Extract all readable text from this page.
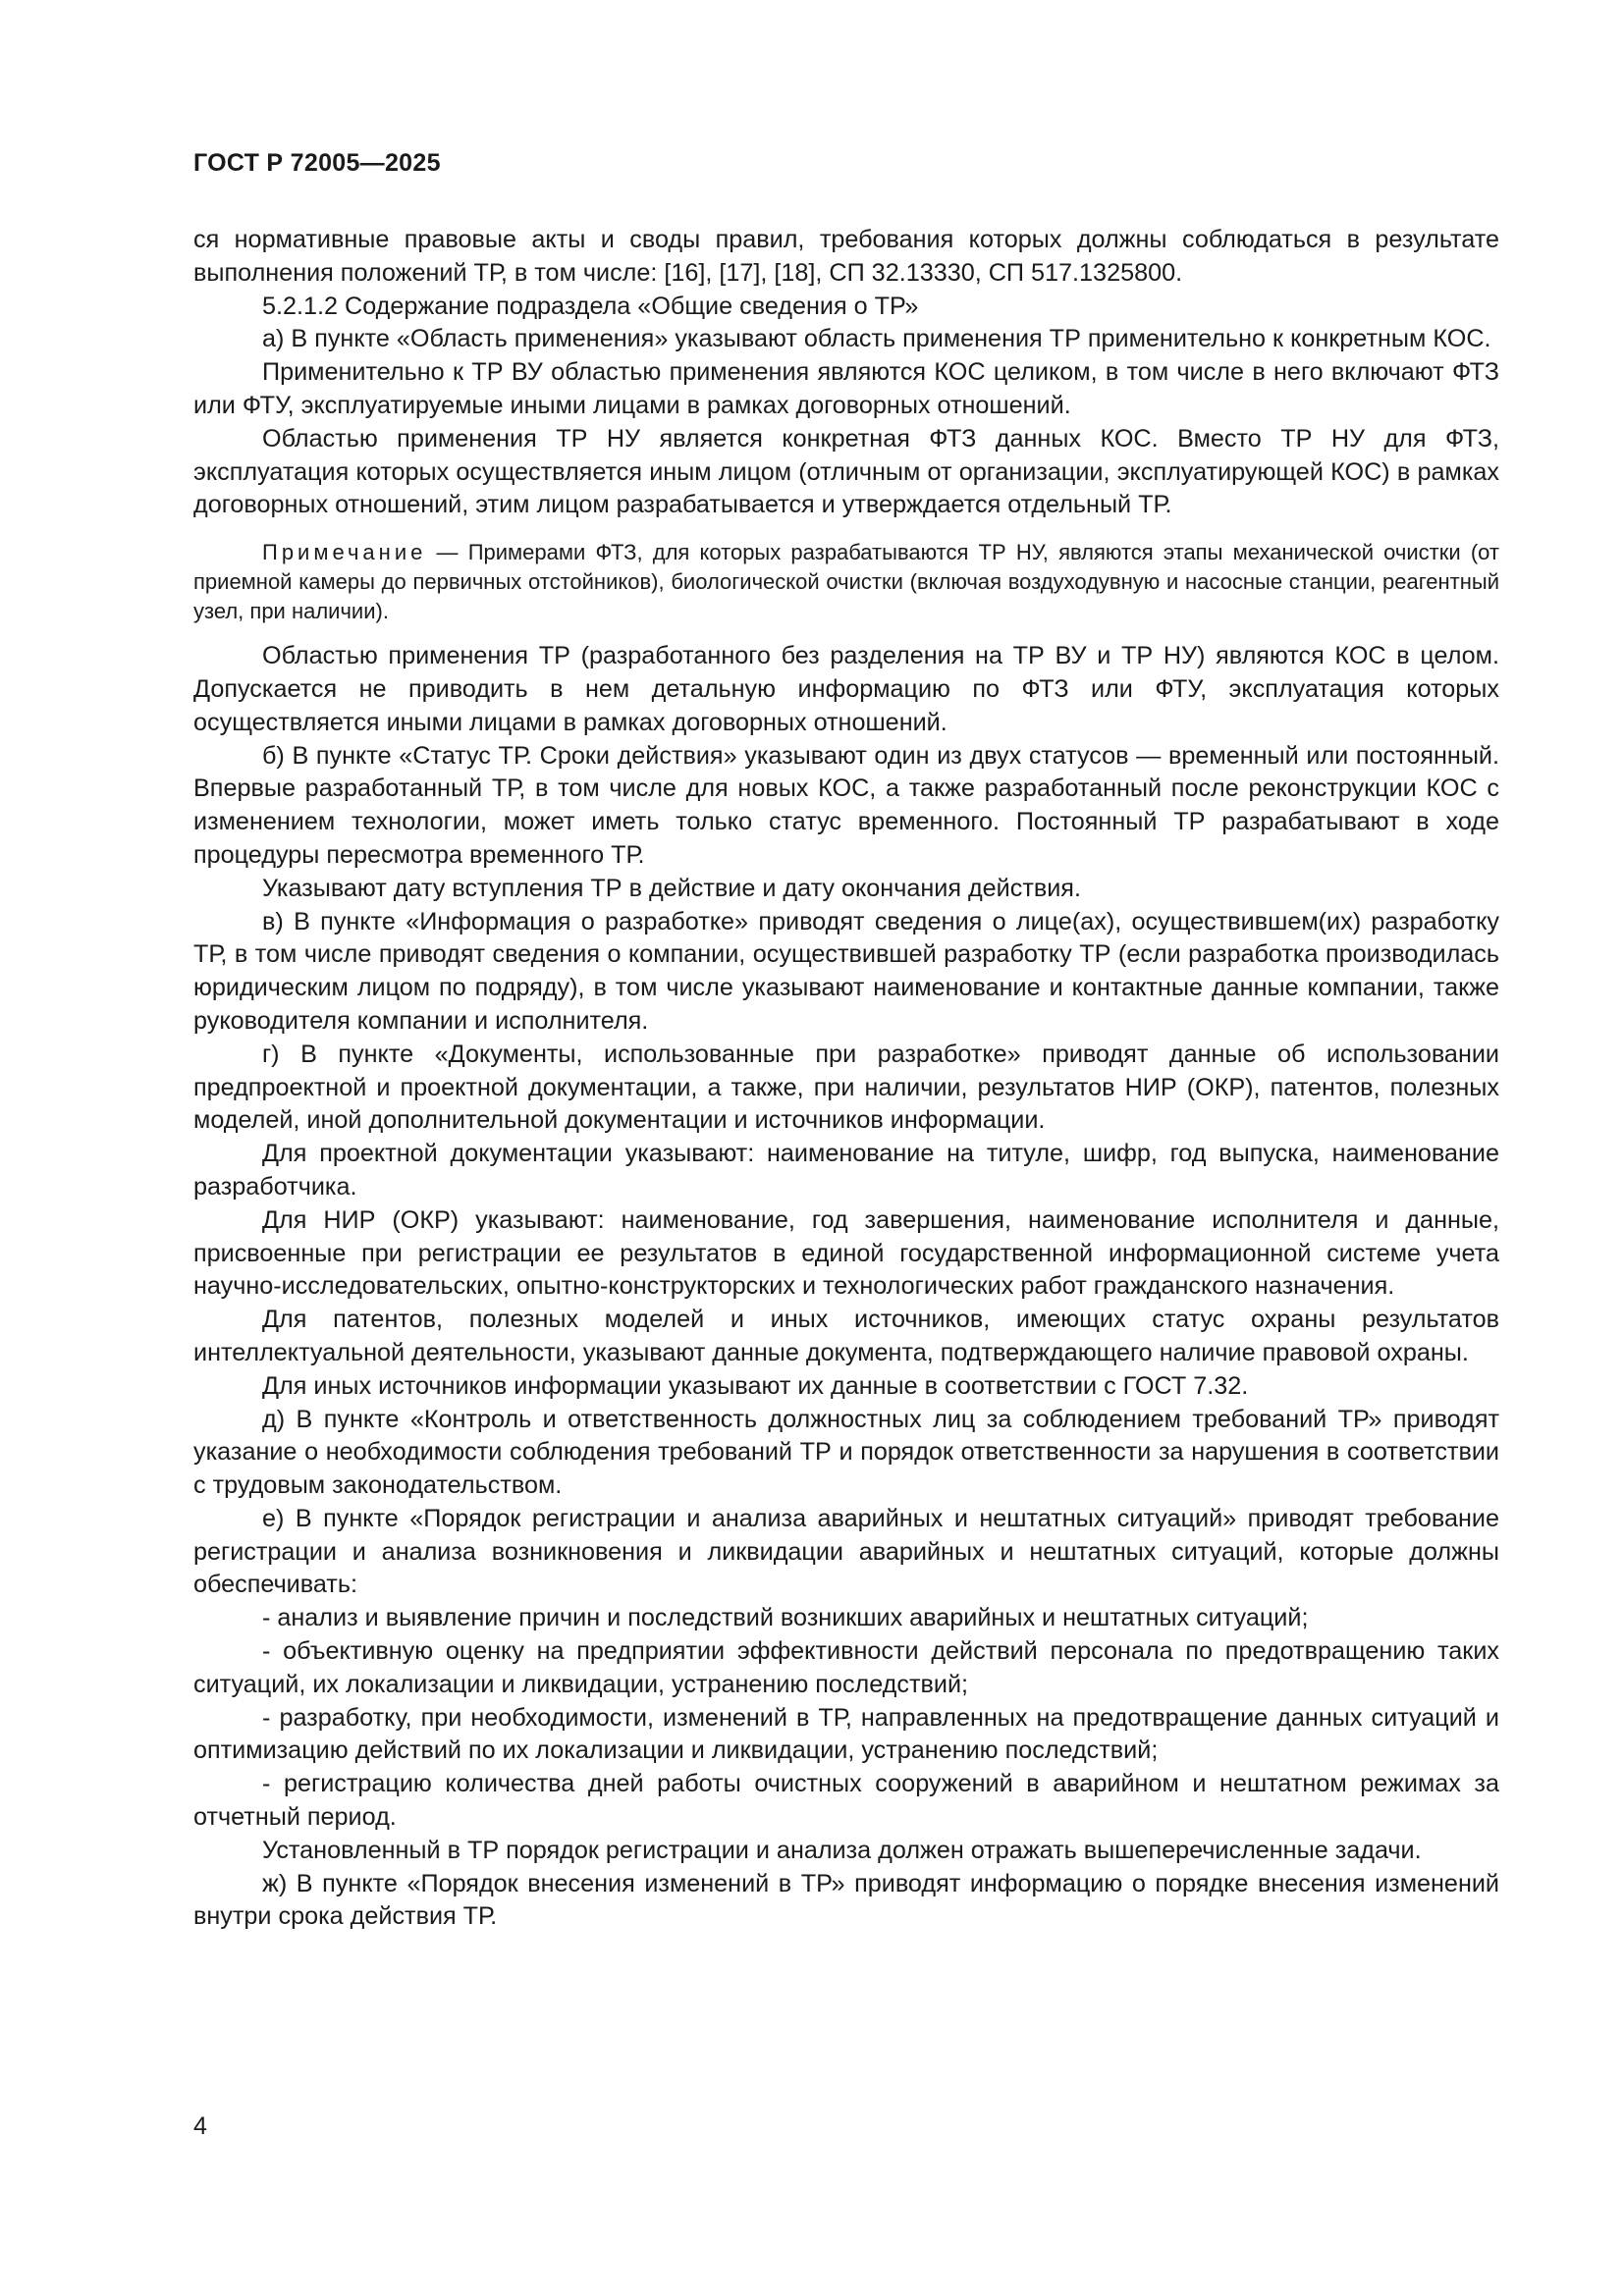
ГОСТ Р 72005—2025

ся нормативные правовые акты и своды правил, требования которых должны соблюдаться в результате выполнения положений ТР, в том числе: [16], [17], [18], СП 32.13330, СП 517.1325800.

5.2.1.2 Содержание подраздела «Общие сведения о ТР»

а) В пункте «Область применения» указывают область применения ТР применительно к конкретным КОС.

Применительно к ТР ВУ областью применения являются КОС целиком, в том числе в него включают ФТЗ или ФТУ, эксплуатируемые иными лицами в рамках договорных отношений.

Областью применения ТР НУ является конкретная ФТЗ данных КОС. Вместо ТР НУ для ФТЗ, эксплуатация которых осуществляется иным лицом (отличным от организации, эксплуатирующей КОС) в рамках договорных отношений, этим лицом разрабатывается и утверждается отдельный ТР.

Примечание — Примерами ФТЗ, для которых разрабатываются ТР НУ, являются этапы механической очистки (от приемной камеры до первичных отстойников), биологической очистки (включая воздуходувную и насосные станции, реагентный узел, при наличии).

Областью применения ТР (разработанного без разделения на ТР ВУ и ТР НУ) являются КОС в целом. Допускается не приводить в нем детальную информацию по ФТЗ или ФТУ, эксплуатация которых осуществляется иными лицами в рамках договорных отношений.

б) В пункте «Статус ТР. Сроки действия» указывают один из двух статусов — временный или постоянный. Впервые разработанный ТР, в том числе для новых КОС, а также разработанный после реконструкции КОС с изменением технологии, может иметь только статус временного. Постоянный ТР разрабатывают в ходе процедуры пересмотра временного ТР.

Указывают дату вступления ТР в действие и дату окончания действия.

в) В пункте «Информация о разработке» приводят сведения о лице(ах), осуществившем(их) разработку ТР, в том числе приводят сведения о компании, осуществившей разработку ТР (если разработка производилась юридическим лицом по подряду), в том числе указывают наименование и контактные данные компании, также руководителя компании и исполнителя.

г) В пункте «Документы, использованные при разработке» приводят данные об использовании предпроектной и проектной документации, а также, при наличии, результатов НИР (ОКР), патентов, полезных моделей, иной дополнительной документации и источников информации.

Для проектной документации указывают: наименование на титуле, шифр, год выпуска, наименование разработчика.

Для НИР (ОКР) указывают: наименование, год завершения, наименование исполнителя и данные, присвоенные при регистрации ее результатов в единой государственной информационной системе учета научно-исследовательских, опытно-конструкторских и технологических работ гражданского назначения.

Для патентов, полезных моделей и иных источников, имеющих статус охраны результатов интеллектуальной деятельности, указывают данные документа, подтверждающего наличие правовой охраны.

Для иных источников информации указывают их данные в соответствии с ГОСТ 7.32.

д) В пункте «Контроль и ответственность должностных лиц за соблюдением требований ТР» приводят указание о необходимости соблюдения требований ТР и порядок ответственности за нарушения в соответствии с трудовым законодательством.

е) В пункте «Порядок регистрации и анализа аварийных и нештатных ситуаций» приводят требование регистрации и анализа возникновения и ликвидации аварийных и нештатных ситуаций, которые должны обеспечивать:

- анализ и выявление причин и последствий возникших аварийных и нештатных ситуаций;

- объективную оценку на предприятии эффективности действий персонала по предотвращению таких ситуаций, их локализации и ликвидации, устранению последствий;

- разработку, при необходимости, изменений в ТР, направленных на предотвращение данных ситуаций и оптимизацию действий по их локализации и ликвидации, устранению последствий;

- регистрацию количества дней работы очистных сооружений в аварийном и нештатном режимах за отчетный период.

Установленный в ТР порядок регистрации и анализа должен отражать вышеперечисленные задачи.

ж) В пункте «Порядок внесения изменений в ТР» приводят информацию о порядке внесения изменений внутри срока действия ТР.

4
